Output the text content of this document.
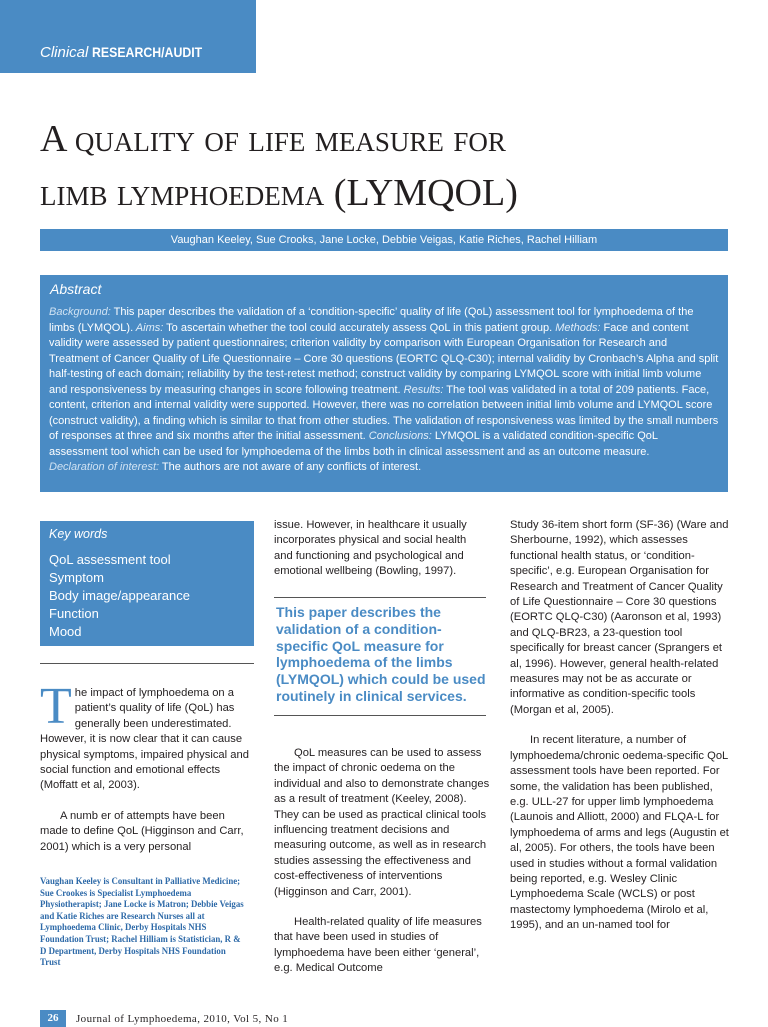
Clinical RESEARCH/AUDIT
A quality of life measure for
limb lymphoedema (LYMQOL)
Vaughan Keeley, Sue Crooks, Jane Locke, Debbie Veigas, Katie Riches, Rachel Hilliam
Abstract
Background: This paper describes the validation of a ‘condition-specific’ quality of life (QoL) assessment tool for lymphoedema of the limbs (LYMQOL). Aims: To ascertain whether the tool could accurately assess QoL in this patient group. Methods: Face and content validity were assessed by patient questionnaires; criterion validity by comparison with European Organisation for Research and Treatment of Cancer Quality of Life Questionnaire – Core 30 questions (EORTC QLQ-C30); internal validity by Cronbach’s Alpha and split half-testing of each domain; reliability by the test-retest method; construct validity by comparing LYMQOL score with initial limb volume and responsiveness by measuring changes in score following treatment. Results: The tool was validated in a total of 209 patients. Face, content, criterion and internal validity were supported. However, there was no correlation between initial limb volume and LYMQOL score (construct validity), a finding which is similar to that from other studies. The validation of responsiveness was limited by the small numbers of responses at three and six months after the initial assessment. Conclusions: LYMQOL is a validated condition-specific QoL assessment tool which can be used for lymphoedema of the limbs both in clinical assessment and as an outcome measure.
Declaration of interest: The authors are not aware of any conflicts of interest.
Key words
QoL assessment tool
Symptom
Body image/appearance
Function
Mood

The impact of lymphoedema on a patient’s quality of life (QoL) has generally been underestimated. However, it is now clear that it can cause physical symptoms, impaired physical and social function and emotional effects (Moffatt et al, 2003).

A numb er of attempts have been made to define QoL (Higginson and Carr, 2001) which is a very personal

Vaughan Keeley is Consultant in Palliative Medicine; Sue Crookes is Specialist Lymphoedema Physiotherapist; Jane Locke is Matron; Debbie Veigas and Katie Riches are Research Nurses all at Lymphoedema Clinic, Derby Hospitals NHS Foundation Trust; Rachel Hilliam is Statistician, R & D Department, Derby Hospitals NHS Foundation Trust

issue. However, in healthcare it usually incorporates physical and social health and functioning and psychological and emotional wellbeing (Bowling, 1997).

This paper describes the validation of a condition-specific QoL measure for lymphoedema of the limbs (LYMQOL) which could be used routinely in clinical services.

QoL measures can be used to assess the impact of chronic oedema on the individual and also to demonstrate changes as a result of treatment (Keeley, 2008). They can be used as practical clinical tools influencing treatment decisions and measuring outcome, as well as in research studies assessing the effectiveness and cost-effectiveness of interventions (Higginson and Carr, 2001).

Health-related quality of life measures that have been used in studies of lymphoedema have been either ‘general’, e.g. Medical Outcome

Study 36-item short form (SF-36) (Ware and Sherbourne, 1992), which assesses functional health status, or ‘condition-specific’, e.g. European Organisation for Research and Treatment of Cancer Quality of Life Questionnaire – Core 30 questions (EORTC QLQ-C30) (Aaronson et al, 1993) and QLQ-BR23, a 23-question tool specifically for breast cancer (Sprangers et al, 1996). However, general health-related measures may not be as accurate or informative as condition-specific tools (Morgan et al, 2005).

In recent literature, a number of lymphoedema/chronic oedema-specific QoL assessment tools have been reported. For some, the validation has been published, e.g. ULL-27 for upper limb lymphoedema (Launois and Alliott, 2000) and FLQA-L for lymphoedema of arms and legs (Augustin et al, 2005). For others, the tools have been used in studies without a formal validation being reported, e.g. Wesley Clinic Lymphoedema Scale (WCLS) or post mastectomy lymphoedema (Mirolo et al, 1995), and an un-named tool for

26	Journal of Lymphoedema, 2010, Vol 5, No 1
